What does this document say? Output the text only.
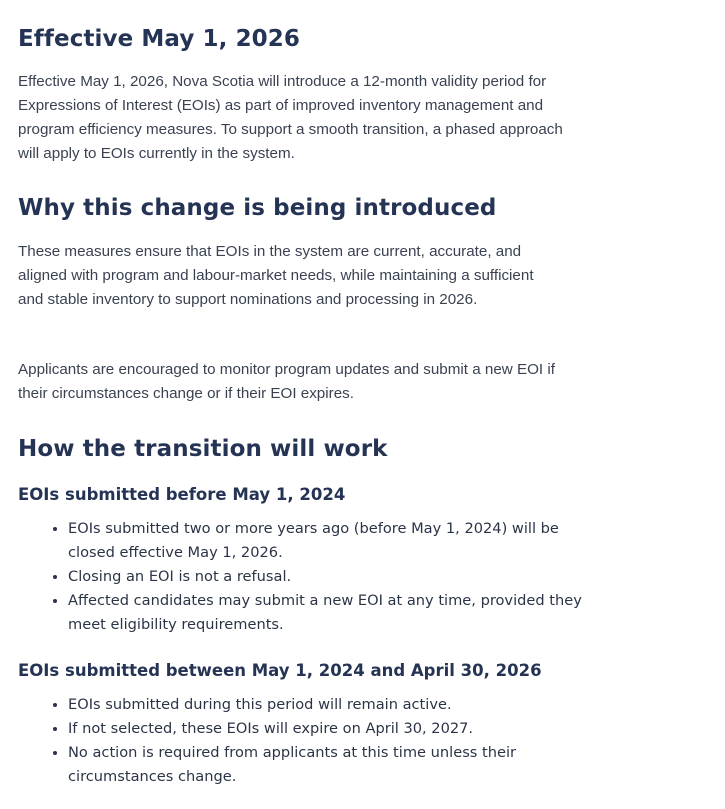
Effective May 1, 2026

Effective May 1, 2026, Nova Scotia will introduce a 12-month validity period for Expressions of Interest (EOIs) as part of improved inventory management and program efficiency measures. To support a smooth transition, a phased approach will apply to EOIs currently in the system.

Why this change is being introduced

These measures ensure that EOIs in the system are current, accurate, and aligned with program and labour-market needs, while maintaining a sufficient and stable inventory to support nominations and processing in 2026.

Applicants are encouraged to monitor program updates and submit a new EOI if their circumstances change or if their EOI expires.

How the transition will work
EOIs submitted before May 1, 2024
• EOIs submitted two or more years ago (before May 1, 2024) will be closed effective May 1, 2026.
• Closing an EOI is not a refusal.
• Affected candidates may submit a new EOI at any time, provided they meet eligibility requirements.
EOIs submitted between May 1, 2024 and April 30, 2026
• EOIs submitted during this period will remain active.
• If not selected, these EOIs will expire on April 30, 2027.
• No action is required from applicants at this time unless their circumstances change.
